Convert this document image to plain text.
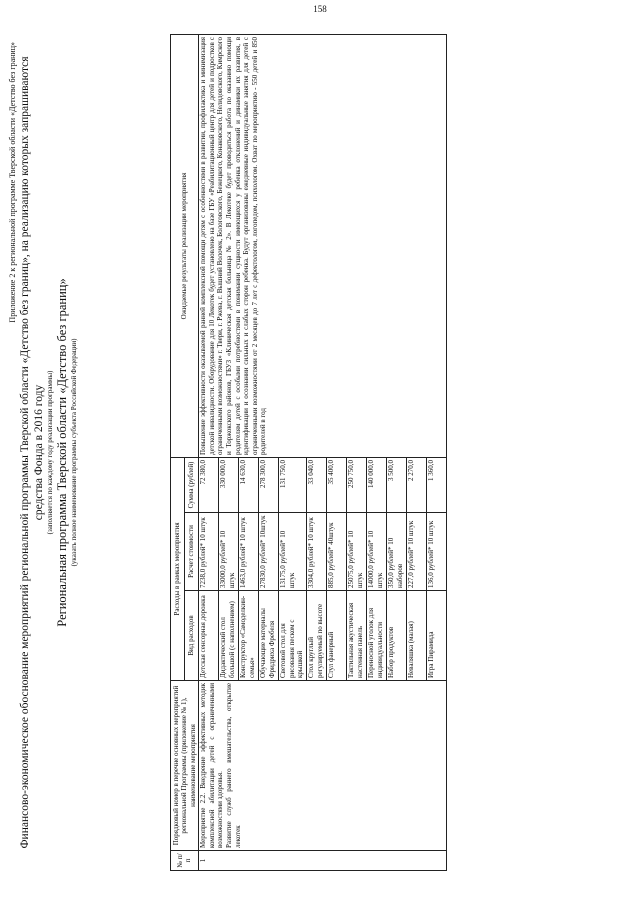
158
Приложение 2 к региональной программе Тверской области «Детство без границ» Финансово-экономическое обоснование мероприятий региональной программы Тверской области «Детство без границ», на реализацию которых запрашиваются средства Фонда в 2016 году (заполняется по каждому году реализации программы) Региональная программа Тверской области «Детство без границ» (указать полное наименование программы субъекта Российской Федерации)
№ п/п	Порядковый номер в перечне основных мероприятий региональной Программы (приложение № 1), наименование мероприятия	Расходы в рамках мероприятия			Ожидаемые результаты реализации мероприятия
		Вид расходов	Расчет стоимости	Сумма (рублей)	
1	Мероприятие 2.2. Внедрение эффективных методик комплексной абилитации детей с ограниченными возможностями здоровья. Развитие служб раннего вмешательства, открытие лекотек	Детская сенсорная дорожка	7238,0 рублей* 10 штук	72 380,0	Повышение эффективности оказываемой ранней комплексной помощи детям с особенностями в развитии, профилактика и минимизация детской инвалидности. Оборудование для 10 Лекотек будет установлено на базе ГБУ «Реабилитационный центр для детей и подростков с ограниченными возможностями» г. Твери, г. Ржева, г. Вышний Волочек, Бологовского, Бежецкого, Конаковского, Нелидовского, Кимрского и Торжокского районов, ГБУЗ «Клиническая детская больница № 2». В Лекотеке будет проводиться работа по оказанию помощи родителям детей с особыми потребностями в понимании сущности имеющихся у ребенка отклонений и динамики их развития, в идентификации и осознании сильных и слабых сторон ребенка. Будут организованы ежедневные индивидуальные занятия для детей с ограниченными возможностями от 2 месяцев до 7 лет с дефектологом, логопедом, психологом. Охват по мероприятию - 550 детей и 850 родителей в год
		Дидактический стол большой (с наполнением)	33000,0 рублей* 10 штук	330 000,0	
		Конструктор «Самоделкин-семья»	1463,0 рублей* 10 штук	14 630,0	
		Обучающие материалы Фридриха Фребеля	27830,0 рублей* 10штук	278 300,0	
		Световой стол для рисования песком с крышкой	13175,0 рублей* 10 штук	131 750,0	
		Стол круглый регулируемый по высоте	3304,0 рублей* 10 штук	33 040,0	
		Стул фанерный	885,0 рублей* 40штук	35 400,0	
		Тактильная акустическая настенная панель	25075,0 рублей* 10 штук	250 750,0	
		Переносной уголок для индивидуальности	14000,0 рублей* 10 штук	140 000,0	
		Набор продуктов	350,0 рублей* 10 наборов	3 500,0	
		Неваляшка (малая)	227,0 рублей* 10 штук	2 270,0	
		Игра Пирамида	136,0 рублей* 10 штук	1 360,0	
